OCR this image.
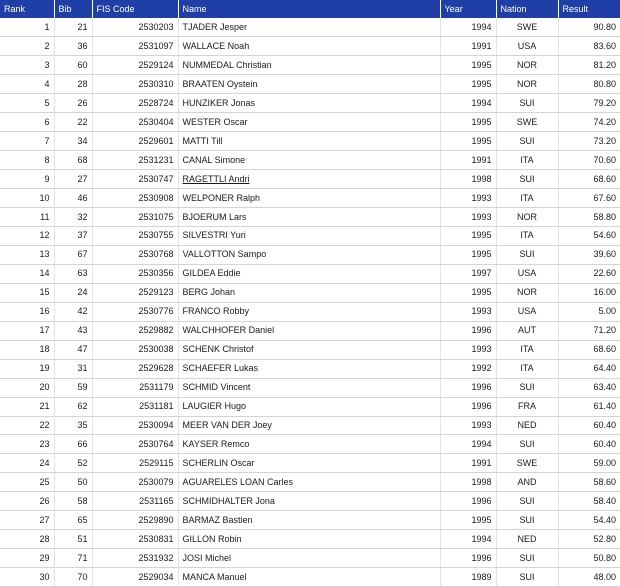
Rank	Bib	FIS Code	Name	Year	Nation	Result
1	21	2530203	TJADER Jesper	1994	SWE	90.80
2	36	2531097	WALLACE Noah	1991	USA	83.60
3	60	2529124	NUMMEDAL Christian	1995	NOR	81.20
4	28	2530310	BRAATEN Oystein	1995	NOR	80.80
5	26	2528724	HUNZIKER Jonas	1994	SUI	79.20
6	22	2530404	WESTER Oscar	1995	SWE	74.20
7	34	2529601	MATTI Till	1995	SUI	73.20
8	68	2531231	CANAL Simone	1991	ITA	70.60
9	27	2530747	RAGETTLI Andri	1998	SUI	68.60
10	46	2530908	WELPONER Ralph	1993	ITA	67.60
11	32	2531075	BJOERUM Lars	1993	NOR	58.80
12	37	2530755	SILVESTRI Yuri	1995	ITA	54.60
13	67	2530768	VALLOTTON Sampo	1995	SUI	39.60
14	63	2530356	GILDEA Eddie	1997	USA	22.60
15	24	2529123	BERG Johan	1995	NOR	16.00
16	42	2530776	FRANCO Robby	1993	USA	5.00
17	43	2529882	WALCHHOFER Daniel	1996	AUT	71.20
18	47	2530038	SCHENK Christof	1993	ITA	68.60
19	31	2529628	SCHAEFER Lukas	1992	ITA	64.40
20	59	2531179	SCHMID Vincent	1996	SUI	63.40
21	62	2531181	LAUGIER Hugo	1996	FRA	61.40
22	35	2530094	MEER VAN DER Joey	1993	NED	60.40
23	66	2530764	KAYSER Remco	1994	SUI	60.40
24	52	2529115	SCHERLIN Oscar	1991	SWE	59.00
25	50	2530079	AGUARELES LOAN Carles	1998	AND	58.60
26	58	2531165	SCHMIDHALTER Jona	1996	SUI	58.40
27	65	2529890	BARMAZ Bastien	1995	SUI	54.40
28	51	2530831	GILLON Robin	1994	NED	52.80
29	71	2531932	JOSI Michel	1996	SUI	50.80
30	70	2529034	MANCA Manuel	1989	SUI	48.00
